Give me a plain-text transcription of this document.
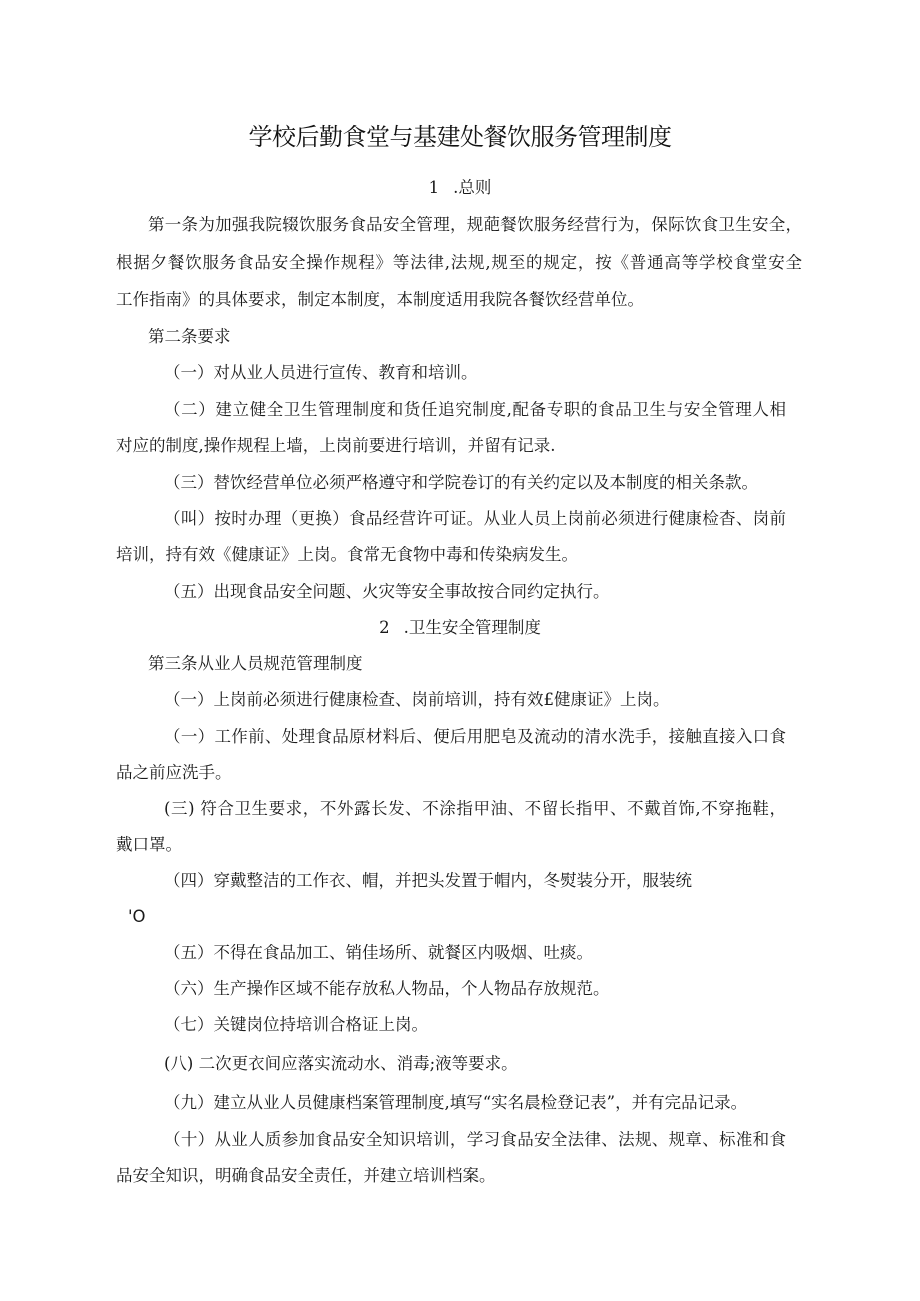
学校后勤食堂与基建处餐饮服务管理制度
1 .总则
第一条为加强我院辍饮服务食品安全管理，规葩餐饮服务经营行为，保际饮食卫生安全，
根据夕餐饮服务食品安全操作规程》等法律,法规,规至的规定，按《普通高等学校食堂安全
工作指南》的具体要求，制定本制度，本制度适用我院各餐饮经营单位。
第二条要求
（一）对从业人员进行宣传、教育和培训。
（二）建立健全卫生管理制度和货任追究制度,配备专职的食品卫生与安全管理人相
对应的制度,操作规程上墙，上岗前要进行培训，并留有记录.
（三）替饮经营单位必须严格遵守和学院卷订的有关约定以及本制度的相关条款。
（叫）按时办理（更换）食品经营许可证。从业人员上岗前必须进行健康检杳、岗前
培训，持有效《健康证》上岗。食常无食物中毒和传染病发生。
（五）出现食品安全问题、火灾等安全事故按合同约定执行。
2 .卫生安全管理制度
第三条从业人员规范管理制度
（一）上岗前必须进行健康检查、岗前培训，持有效£健康证》上岗。
（一）工作前、处理食品原材料后、便后用肥皂及流动的清水洗手，接触直接入口食
品之前应洗手。
(三) 符合卫生要求，不外露长发、不涂指甲油、不留长指甲、不戴首饰,不穿拖鞋，
戴口罩。
（四）穿戴整洁的工作衣、帽，并把头发置于帽内，冬熨装分开，服装统
'O
（五）不得在食品加工、销佳场所、就餐区内吸烟、吐痰。
（六）生产操作区域不能存放私人物品，个人物品存放规范。
（七）关键岗位持培训合格证上岗。
(八) 二次更衣间应落实流动水、消毒;液等要求。
（九）建立从业人员健康档案管理制度,填写“实名晨检登记表”，并有完品记录。
（十）从业人质参加食品安全知识培训，学习食品安全法律、法规、规章、标准和食
品安全知识，明确食品安全责任，并建立培训档案。
